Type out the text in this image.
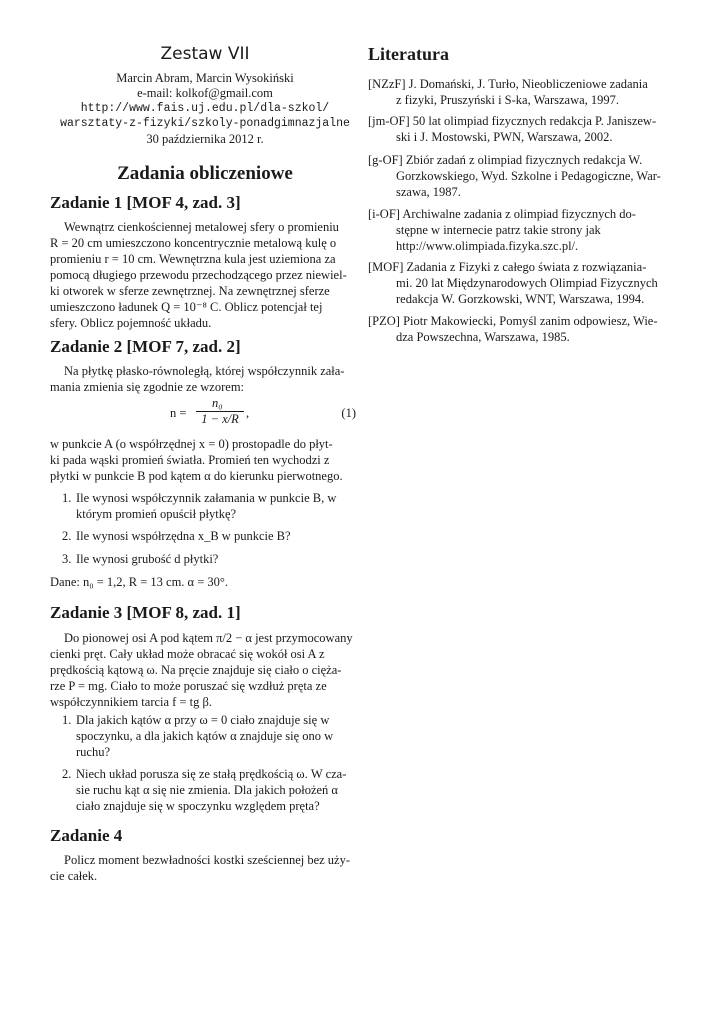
Zestaw VII
Marcin Abram, Marcin Wysokiński
e-mail: kolkof@gmail.com
http://www.fais.uj.edu.pl/dla-szkol/
warsztaty-z-fizyki/szkoly-ponadgimnazjalne
30 października 2012 r.
Zadania obliczeniowe
Zadanie 1 [MOF 4, zad. 3]
Wewnątrz cienkościennej metalowej sfery o promieniu
R = 20 cm umieszczono koncentrycznie metalową kulę o
promieniu r = 10 cm. Wewnętrzna kula jest uziemiona za
pomocą długiego przewodu przechodzącego przez niewiel-
ki otworek w sferze zewnętrznej. Na zewnętrznej sferze
umieszczono ładunek Q = 10⁻⁸ C. Oblicz potencjał tej
sfery. Oblicz pojemność układu.
Zadanie 2 [MOF 7, zad. 2]
Na płytkę płasko-równoległą, której współczynnik zała-
mania zmienia się zgodnie ze wzorem:
n =
n₀
1 − x/R ,	(1)
w punkcie A (o współrzędnej x = 0) prostopadle do płyt-
ki pada wąski promień światła. Promień ten wychodzi z
płytki w punkcie B pod kątem α do kierunku pierwotnego.
1. Ile wynosi współczynnik załamania w punkcie B, w
którym promień opuścił płytkę?
2. Ile wynosi współrzędna x_B w punkcie B?
3. Ile wynosi grubość d płytki?
Dane: n₀ = 1,2, R = 13 cm. α = 30°.
Zadanie 3 [MOF 8, zad. 1]
Do pionowej osi A pod kątem π/2 − α jest przymocowany
cienki pręt. Cały układ może obracać się wokół osi A z
prędkością kątową ω. Na pręcie znajduje się ciało o cięża-
rze P = mg. Ciało to może poruszać się wzdłuż pręta ze
współczynnikiem tarcia f = tg β.
1. Dla jakich kątów α przy ω = 0 ciało znajduje się w
spoczynku, a dla jakich kątów α znajduje się ono w
ruchu?
2. Niech układ porusza się ze stałą prędkością ω. W cza-
sie ruchu kąt α się nie zmienia. Dla jakich położeń α
ciało znajduje się w spoczynku względem pręta?
Zadanie 4
Policz moment bezwładności kostki sześciennej bez uży-
cie całek.
Literatura
[NZzF] J. Domański, J. Turło, Nieobliczeniowe zadania
z fizyki, Pruszyński i S-ka, Warszawa, 1997.
[jm-OF] 50 lat olimpiad fizycznych redakcja P. Janiszew-
ski i J. Mostowski, PWN, Warszawa, 2002.
[g-OF] Zbiór zadań z olimpiad fizycznych redakcja W.
Gorzkowskiego, Wyd. Szkolne i Pedagogiczne, War-
szawa, 1987.
[i-OF] Archiwalne zadania z olimpiad fizycznych do-
stępne w internecie patrz takie strony jak
http://www.olimpiada.fizyka.szc.pl/.
[MOF] Zadania z Fizyki z całego świata z rozwiązania-
mi. 20 lat Międzynarodowych Olimpiad Fizycznych
redakcja W. Gorzkowski, WNT, Warszawa, 1994.
[PZO] Piotr Makowiecki, Pomyśl zanim odpowiesz, Wie-
dza Powszechna, Warszawa, 1985.
